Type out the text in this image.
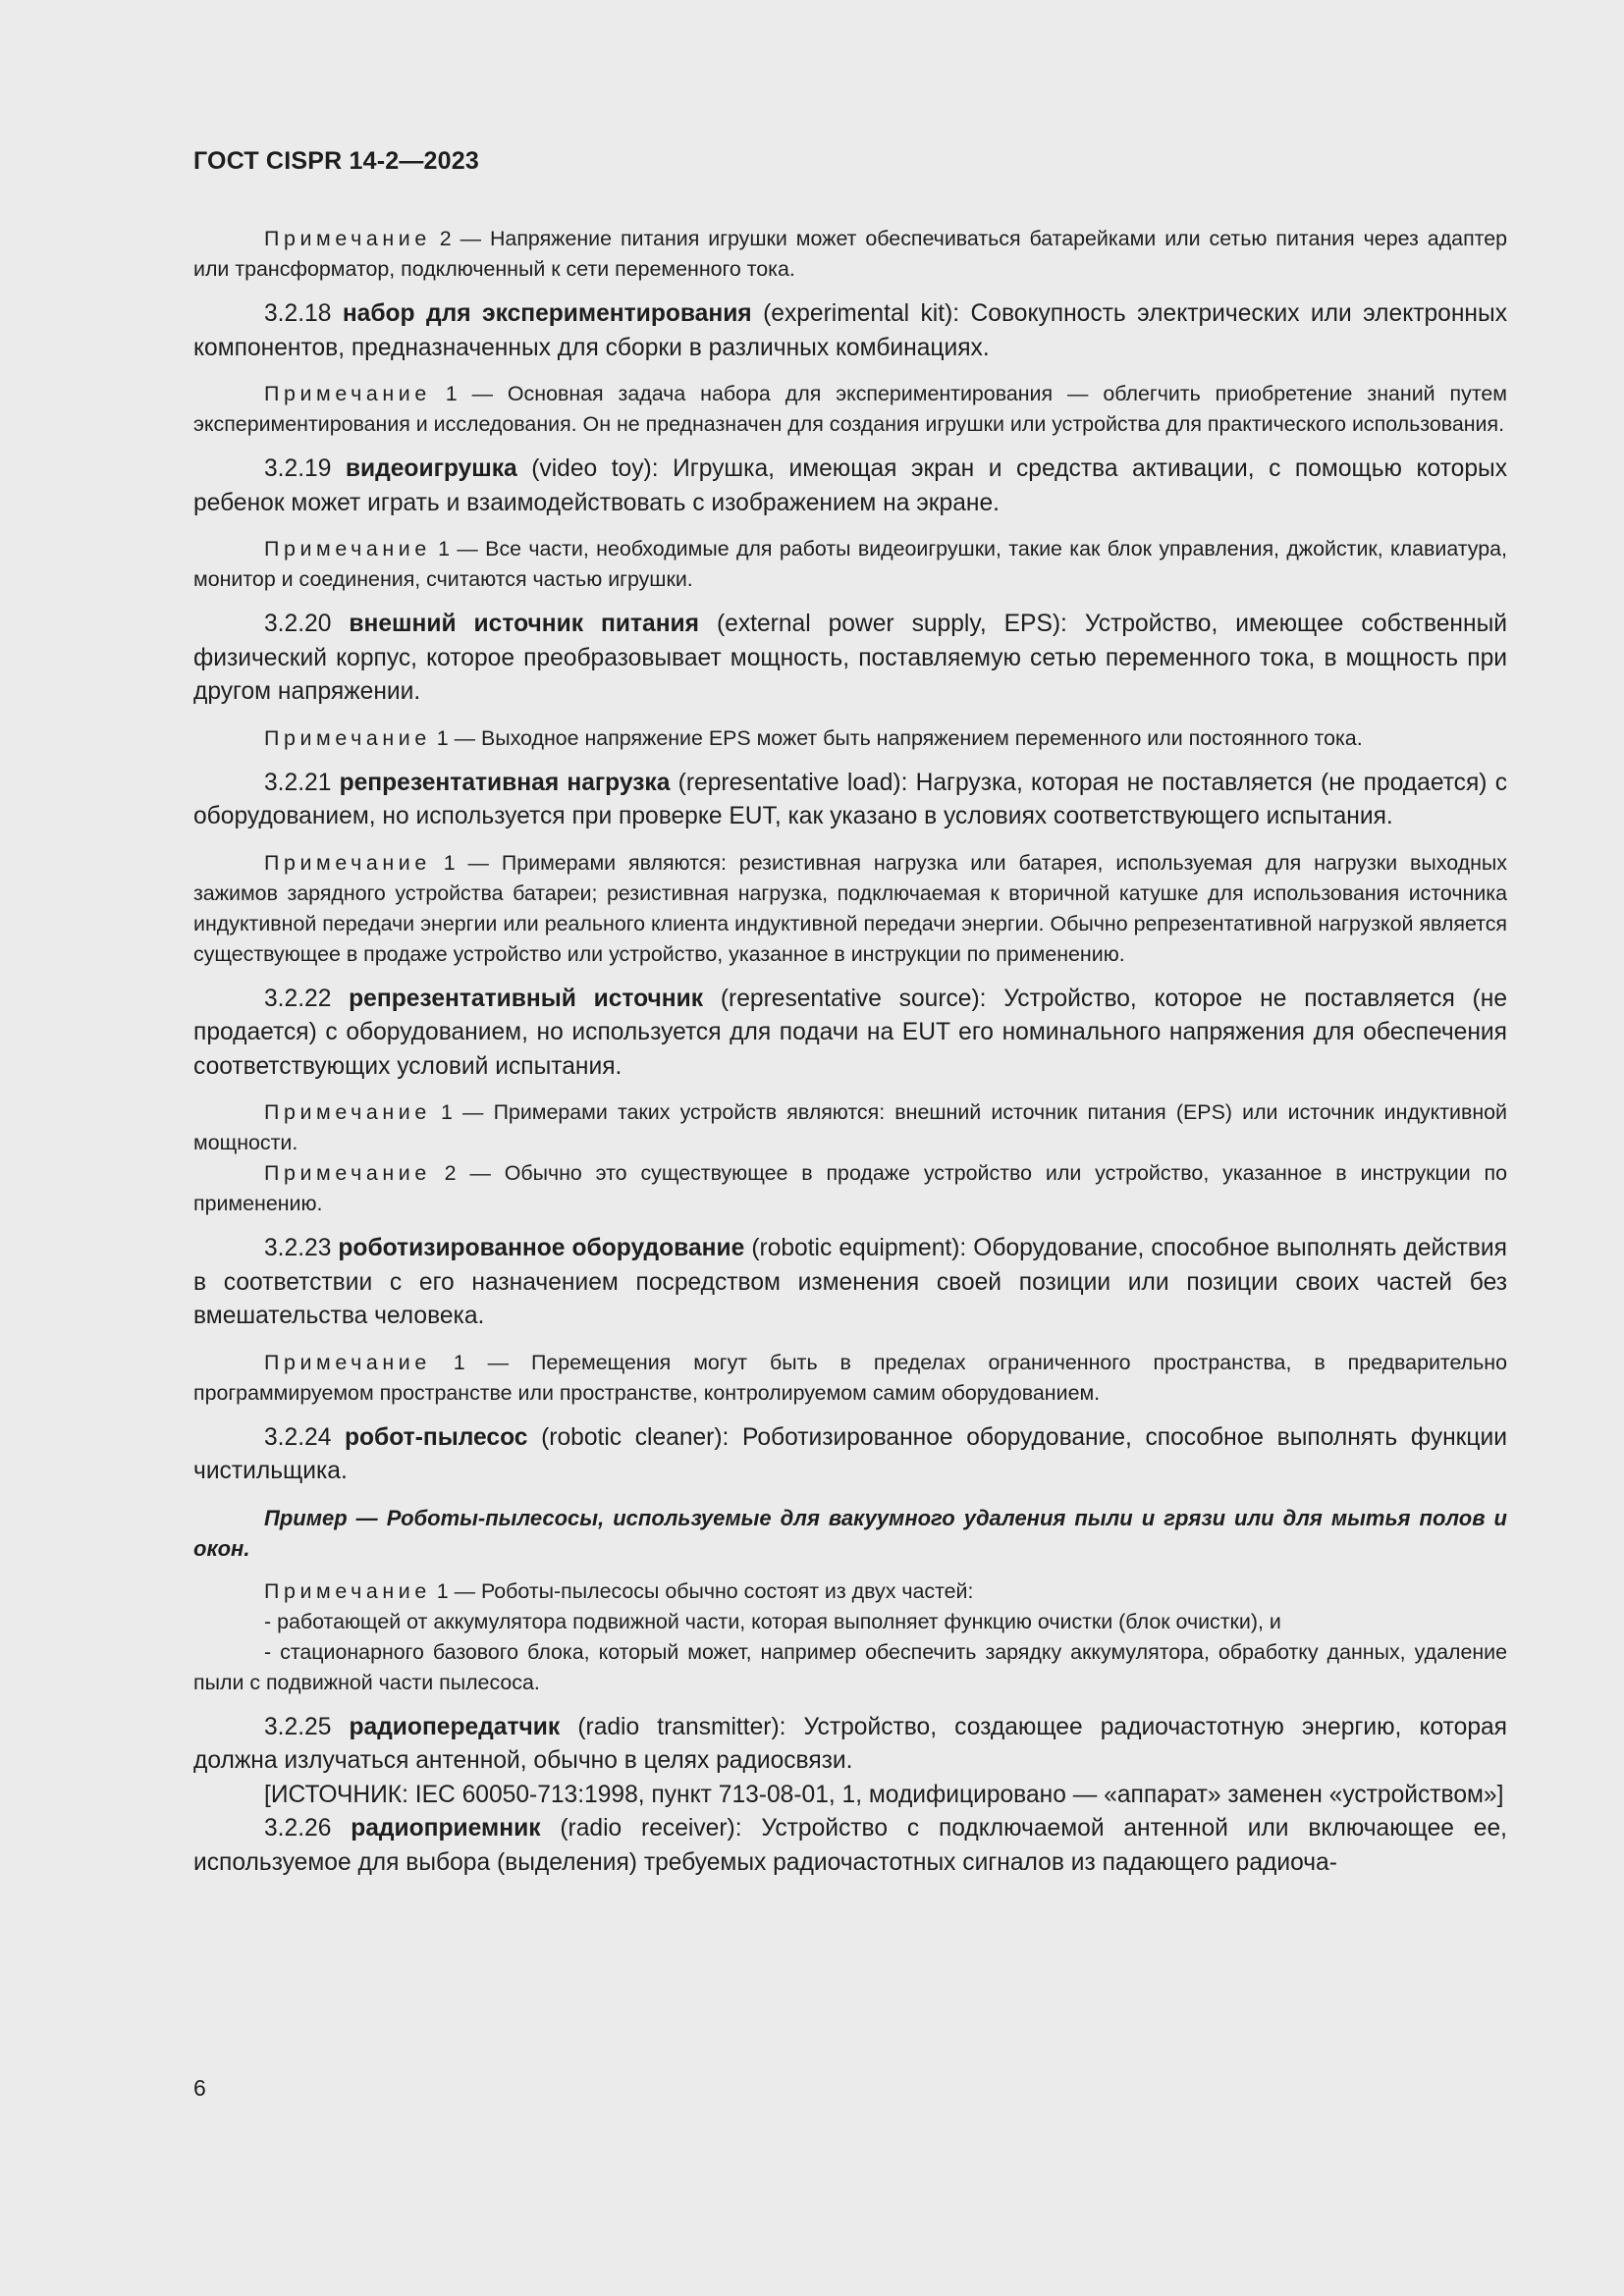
ГОСТ CISPR 14-2—2023

Примечание 2 — Напряжение питания игрушки может обеспечиваться батарейками или сетью питания через адаптер или трансформатор, подключенный к сети переменного тока.

3.2.18 набор для экспериментирования (experimental kit): Совокупность электрических или электронных компонентов, предназначенных для сборки в различных комбинациях.

Примечание 1 — Основная задача набора для экспериментирования — облегчить приобретение знаний путем экспериментирования и исследования. Он не предназначен для создания игрушки или устройства для практического использования.

3.2.19 видеоигрушка (video toy): Игрушка, имеющая экран и средства активации, с помощью которых ребенок может играть и взаимодействовать с изображением на экране.

Примечание 1 — Все части, необходимые для работы видеоигрушки, такие как блок управления, джойстик, клавиатура, монитор и соединения, считаются частью игрушки.

3.2.20 внешний источник питания (external power supply, EPS): Устройство, имеющее собственный физический корпус, которое преобразовывает мощность, поставляемую сетью переменного тока, в мощность при другом напряжении.

Примечание 1 — Выходное напряжение EPS может быть напряжением переменного или постоянного тока.

3.2.21 репрезентативная нагрузка (representative load): Нагрузка, которая не поставляется (не продается) с оборудованием, но используется при проверке EUT, как указано в условиях соответствующего испытания.

Примечание 1 — Примерами являются: резистивная нагрузка или батарея, используемая для нагрузки выходных зажимов зарядного устройства батареи; резистивная нагрузка, подключаемая к вторичной катушке для использования источника индуктивной передачи энергии или реального клиента индуктивной передачи энергии. Обычно репрезентативной нагрузкой является существующее в продаже устройство или устройство, указанное в инструкции по применению.

3.2.22 репрезентативный источник (representative source): Устройство, которое не поставляется (не продается) с оборудованием, но используется для подачи на EUT его номинального напряжения для обеспечения соответствующих условий испытания.

Примечание 1 — Примерами таких устройств являются: внешний источник питания (EPS) или источник индуктивной мощности.

Примечание 2 — Обычно это существующее в продаже устройство или устройство, указанное в инструкции по применению.

3.2.23 роботизированное оборудование (robotic equipment): Оборудование, способное выполнять действия в соответствии с его назначением посредством изменения своей позиции или позиции своих частей без вмешательства человека.

Примечание 1 — Перемещения могут быть в пределах ограниченного пространства, в предварительно программируемом пространстве или пространстве, контролируемом самим оборудованием.

3.2.24 робот-пылесос (robotic cleaner): Роботизированное оборудование, способное выполнять функции чистильщика.

Пример — Роботы-пылесосы, используемые для вакуумного удаления пыли и грязи или для мытья полов и окон.

Примечание 1 — Роботы-пылесосы обычно состоят из двух частей:

- работающей от аккумулятора подвижной части, которая выполняет функцию очистки (блок очистки), и

- стационарного базового блока, который может, например обеспечить зарядку аккумулятора, обработку данных, удаление пыли с подвижной части пылесоса.

3.2.25 радиопередатчик (radio transmitter): Устройство, создающее радиочастотную энергию, которая должна излучаться антенной, обычно в целях радиосвязи.

[ИСТОЧНИК: IEC 60050-713:1998, пункт 713-08-01, 1, модифицировано — «аппарат» заменен «устройством»]

3.2.26 радиоприемник (radio receiver): Устройство с подключаемой антенной или включающее ее, используемое для выбора (выделения) требуемых радиочастотных сигналов из падающего радиоча-

6
